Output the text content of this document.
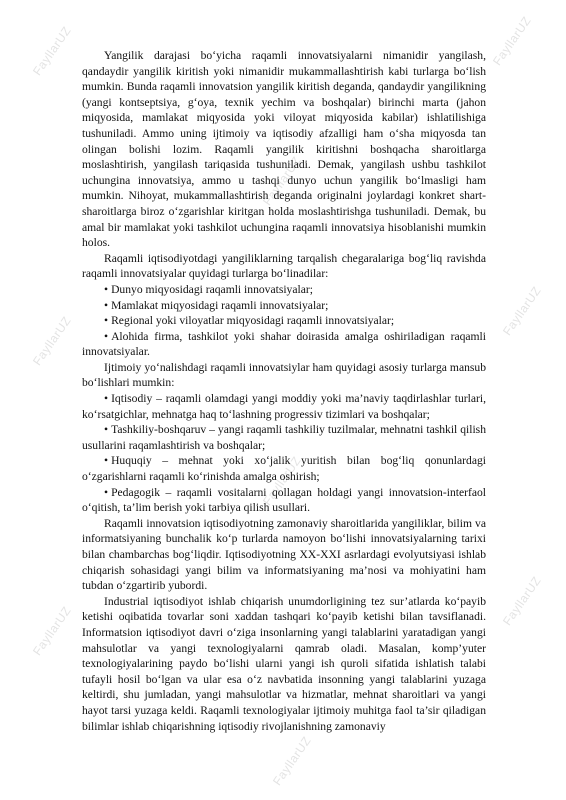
FayllarUZ	FayllarUZ
FayllarUZ
FayllarUZ
FayllarUZ
FayllarUZ
FayllarUZ
FayllarUZ
FayllarUZ

Yangilik darajasi bo‘yicha raqamli innovatsiyalarni nimanidir yangilash, qandaydir yangilik kiritish yoki nimanidir mukammallashtirish kabi turlarga bo‘lish mumkin. Bunda raqamli innovatsion yangilik kiritish deganda, qandaydir yangilikning (yangi kontseptsiya, g‘oya, texnik yechim va boshqalar) birinchi marta (jahon miqyosida, mamlakat miqyosida yoki viloyat miqyosida kabilar) ishlatilishiga tushuniladi. Ammo uning ijtimoiy va iqtisodiy afzalligi ham o‘sha miqyosda tan olingan bolishi lozim. Raqamli yangilik kiritishni boshqacha sharoitlarga moslashtirish, yangilash tariqasida tushuniladi. Demak, yangilash ushbu tashkilot uchungina innovatsiya, ammo u tashqi dunyo uchun yangilik bo‘lmasligi ham mumkin. Nihoyat, mukammallashtirish deganda originalni joylardagi konkret shart-sharoitlarga biroz o‘zgarishlar kiritgan holda moslashtirishga tushuniladi. Demak, bu amal bir mamlakat yoki tashkilot uchungina raqamli innovatsiya hisoblanishi mumkin holos.

Raqamli iqtisodiyotdagi yangiliklarning tarqalish chegaralariga bog‘liq ravishda raqamli innovatsiyalar quyidagi turlarga bo‘linadilar:

• Dunyo miqyosidagi raqamli innovatsiyalar;

• Mamlakat miqyosidagi raqamli innovatsiyalar;

• Regional yoki viloyatlar miqyosidagi raqamli innovatsiyalar;

• Alohida firma, tashkilot yoki shahar doirasida amalga oshiriladigan raqamli innovatsiyalar.

Ijtimoiy yo‘nalishdagi raqamli innovatsiylar ham quyidagi asosiy turlarga mansub bo‘lishlari mumkin:

• Iqtisodiy – raqamli olamdagi yangi moddiy yoki ma’naviy taqdirlashlar turlari, ko‘rsatgichlar, mehnatga haq to‘lashning progressiv tizimlari va boshqalar;

• Tashkiliy-boshqaruv – yangi raqamli tashkiliy tuzilmalar, mehnatni tashkil qilish usullarini raqamlashtirish va boshqalar;

• Huquqiy – mehnat yoki xo‘jalik yuritish bilan bog‘liq qonunlardagi o‘zgarishlarni raqamli ko‘rinishda amalga oshirish;

• Pedagogik – raqamli vositalarni qollagan holdagi yangi innovatsion-interfaol o‘qitish, ta’lim berish yoki tarbiya qilish usullari.

Raqamli innovatsion iqtisodiyotning zamonaviy sharoitlarida yangiliklar, bilim va informatsiyaning bunchalik ko‘p turlarda namoyon bo‘lishi innovatsiyalarning tarixi bilan chambarchas bog‘liqdir. Iqtisodiyotning XX-XXI asrlardagi evolyutsiyasi ishlab chiqarish sohasidagi yangi bilim va informatsiyaning ma’nosi va mohiyatini ham tubdan o‘zgartirib yubordi.

Industrial iqtisodiyot ishlab chiqarish unumdorligining tez sur’atlarda ko‘payib ketishi oqibatida tovarlar soni xaddan tashqari ko‘payib ketishi bilan tavsiflanadi. Informatsion iqtisodiyot davri o‘ziga insonlarning yangi talablarini yaratadigan yangi mahsulotlar va yangi texnologiyalarni qamrab oladi. Masalan, komp’yuter texnologiyalarining paydo bo‘lishi ularni yangi ish quroli sifatida ishlatish talabi tufayli hosil bo‘lgan va ular esa o‘z navbatida insonning yangi talablarini yuzaga keltirdi, shu jumladan, yangi mahsulotlar va hizmatlar, mehnat sharoitlari va yangi hayot tarsi yuzaga keldi. Raqamli texnologiyalar ijtimoiy muhitga faol ta’sir qiladigan bilimlar ishlab chiqarishning iqtisodiy rivojlanishning zamonaviy
